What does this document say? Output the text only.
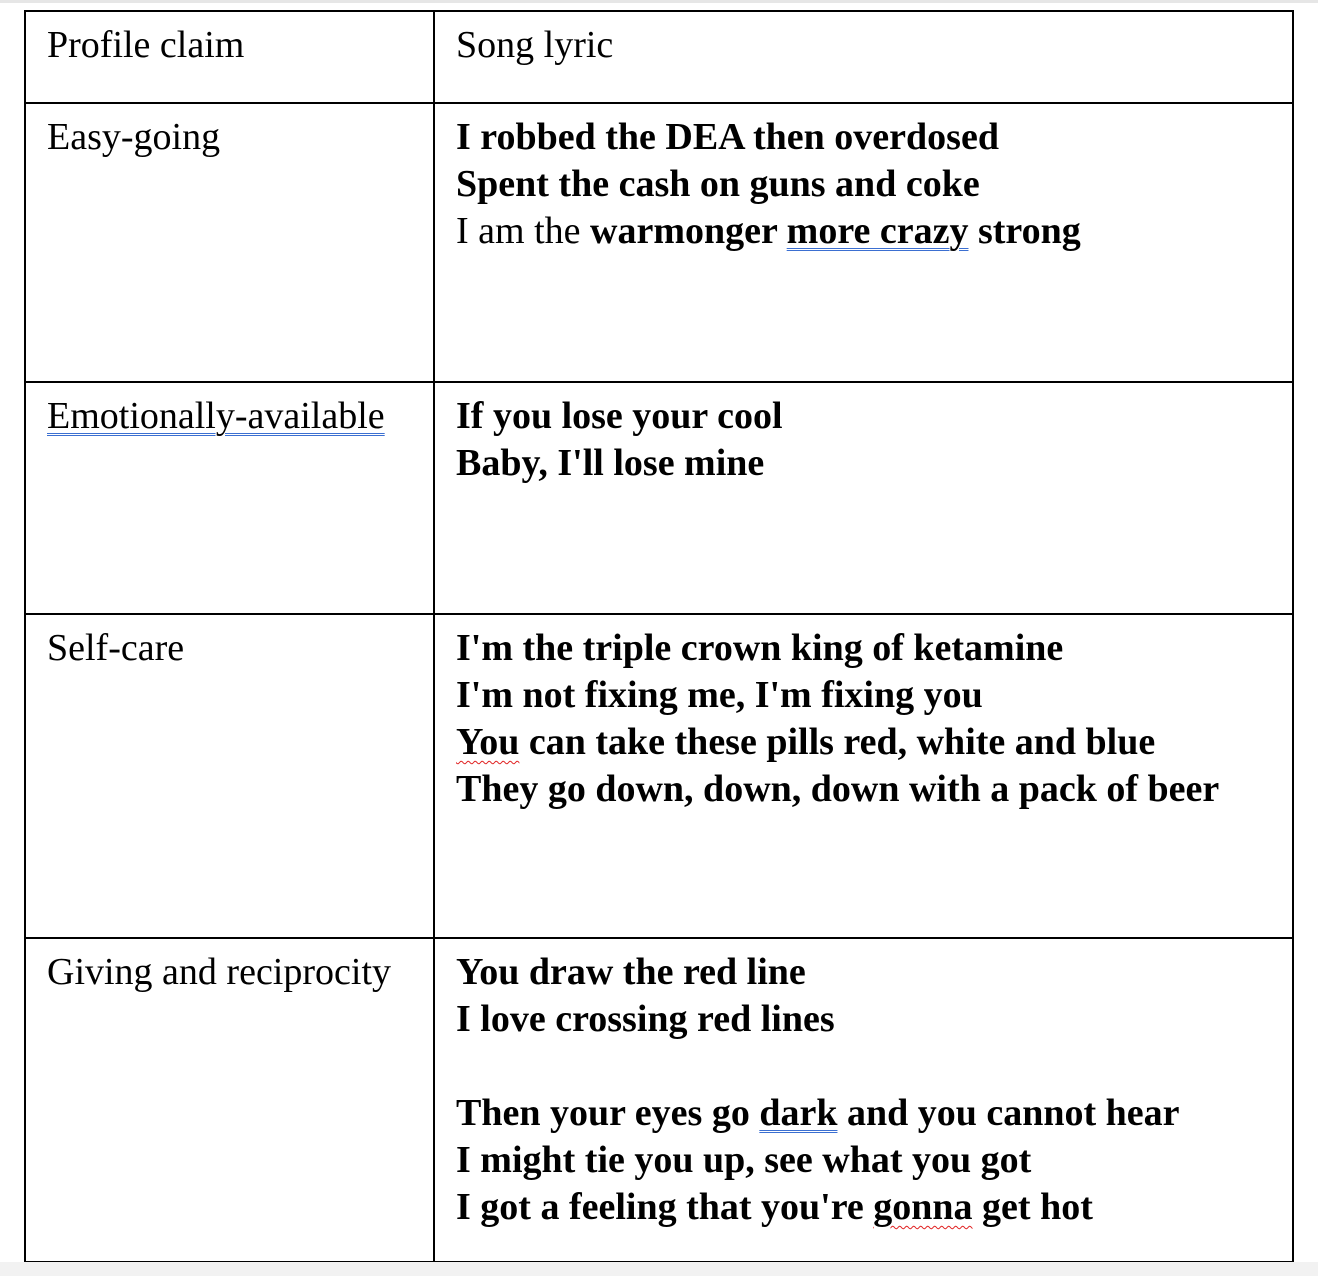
Profile claim	Song lyric
Easy-going	I robbed the DEA then overdosed
Spent the cash on guns and coke
I am the warmonger more crazy strong

Emotionally-available	If you lose your cool
Baby, I'll lose mine

Self-care	I'm the triple crown king of ketamine
I'm not fixing me, I'm fixing you
You can take these pills red, white and blue
They go down, down, down with a pack of beer

Giving and reciprocity	You draw the red line
I love crossing red lines
Then your eyes go dark and you cannot hear
I might tie you up, see what you got
I got a feeling that you're gonna get hot
